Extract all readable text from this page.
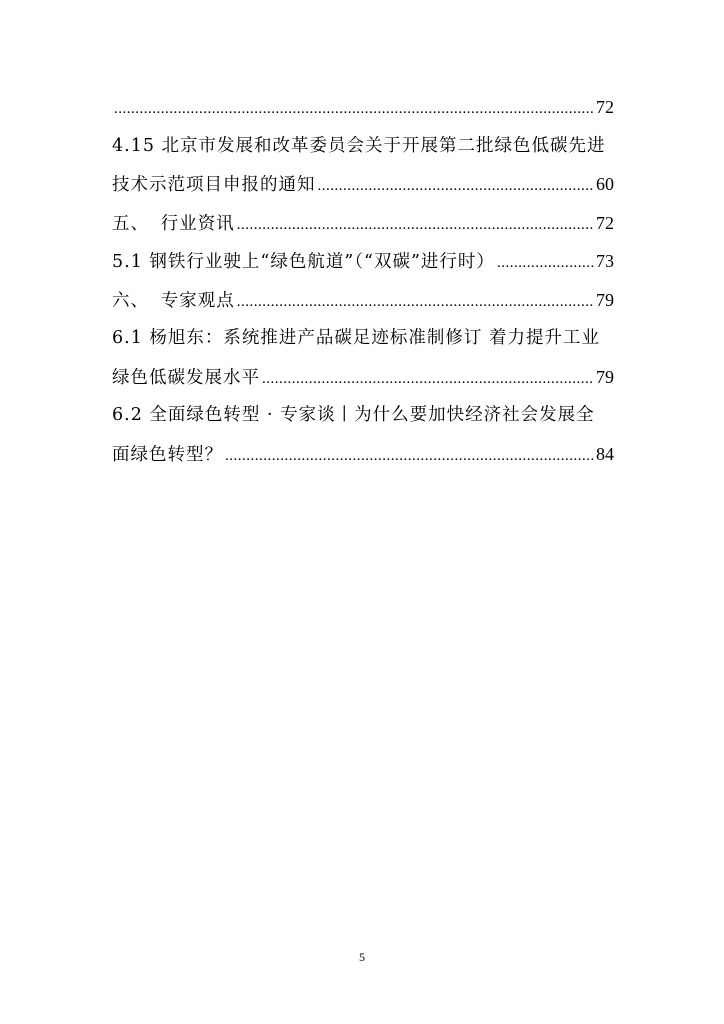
.....
72
4.15 北京市发展和改革委员会关于开展第二批绿色低碳先进
技术示范项目申报的通知 .....	60
五、 行业资讯 .....	72
5.1 钢铁行业驶上“绿色航道”（“双碳”进行时） .....	73
六、 专家观点 .....	79
6.1 杨旭东：系统推进产品碳足迹标准制修订 着力提升工业
绿色低碳发展水平 .....	79
6.2 全面绿色转型 · 专家谈丨为什么要加快经济社会发展全
面绿色转型？ .....	84
5
